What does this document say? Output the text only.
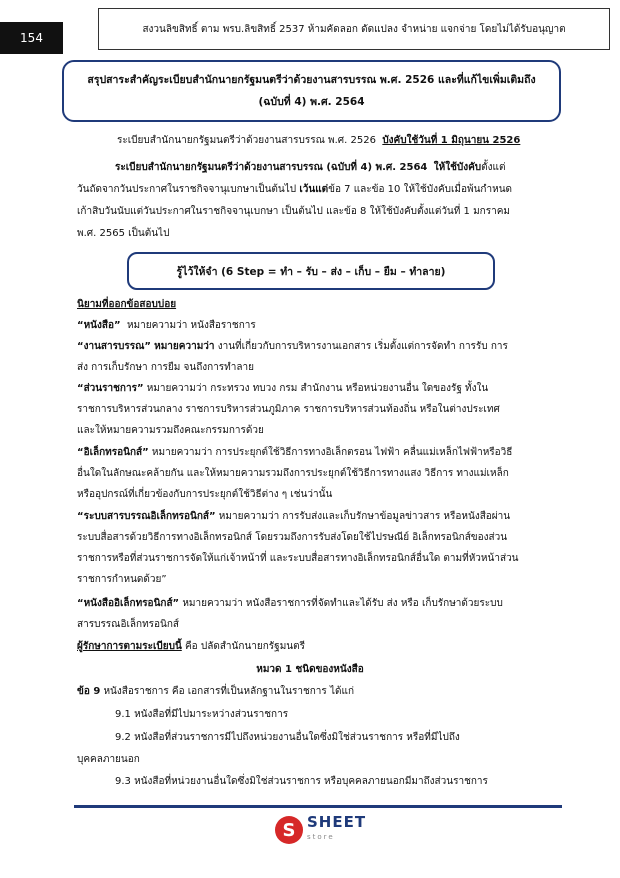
154
สงวนลิขสิทธิ์ ตาม พรบ.ลิขสิทธิ์ 2537 ห้ามคัดลอก ดัดแปลง จำหน่าย แจกจ่าย โดยไม่ได้รับอนุญาต
สรุปสาระสำคัญระเบียบสำนักนายกรัฐมนตรีว่าด้วยงานสารบรรณ พ.ศ. 2526 และที่แก้ไขเพิ่มเติมถึง
(ฉบับที่ 4) พ.ศ. 2564
ระเบียบสำนักนายกรัฐมนตรีว่าด้วยงานสารบรรณ พ.ศ. 2526 บังคับใช้วันที่ 1 มิถุนายน 2526
ระเบียบสำนักนายกรัฐมนตรีว่าด้วยงานสารบรรณ (ฉบับที่ 4) พ.ศ. 2564 ให้ใช้บังคับตั้งแต่
วันถัดจากวันประกาศในราชกิจจานุเบกษาเป็นต้นไป เว้นแต่ข้อ 7 และข้อ 10 ให้ใช้บังคับเมื่อพ้นกำหนด
เก้าสิบวันนับแต่วันประกาศในราชกิจจานุเบกษา เป็นต้นไป และข้อ 8 ให้ใช้บังคับตั้งแต่วันที่ 1 มกราคม
พ.ศ. 2565 เป็นต้นไป
รู้ไว้ให้จำ (6 Step = ทำ – รับ – ส่ง – เก็บ – ยืม – ทำลาย)
นิยามที่ออกข้อสอบบ่อย
“หนังสือ” หมายความว่า หนังสือราชการ
“งานสารบรรณ” หมายความว่า งานที่เกี่ยวกับการบริหารงานเอกสาร เริ่มตั้งแต่การจัดทำ การรับ การ
ส่ง การเก็บรักษา การยืม จนถึงการทำลาย
“ส่วนราชการ” หมายความว่า กระทรวง ทบวง กรม สำนักงาน หรือหน่วยงานอื่น ใดของรัฐ ทั้งใน
ราชการบริหารส่วนกลาง ราชการบริหารส่วนภูมิภาค ราชการบริหารส่วนท้องถิ่น หรือในต่างประเทศ
และให้หมายความรวมถึงคณะกรรมการด้วย
“อิเล็กทรอนิกส์” หมายความว่า การประยุกต์ใช้วิธีการทางอิเล็กตรอน ไฟฟ้า คลื่นแม่เหล็กไฟฟ้าหรือวิธี
อื่นใดในลักษณะคล้ายกัน และให้หมายความรวมถึงการประยุกต์ใช้วิธีการทางแสง วิธีการ ทางแม่เหล็ก
หรืออุปกรณ์ที่เกี่ยวข้องกับการประยุกต์ใช้วิธีต่าง ๆ เช่นว่านั้น
“ระบบสารบรรณอิเล็กทรอนิกส์” หมายความว่า การรับส่งและเก็บรักษาข้อมูลข่าวสาร หรือหนังสือผ่าน
ระบบสื่อสารด้วยวิธีการทางอิเล็กทรอนิกส์ โดยรวมถึงการรับส่งโดยใช้ไปรษณีย์ อิเล็กทรอนิกส์ของส่วน
ราชการหรือที่ส่วนราชการจัดให้แก่เจ้าหน้าที่ และระบบสื่อสารทางอิเล็กทรอนิกส์อื่นใด ตามที่หัวหน้าส่วน
ราชการกำหนดด้วย”
“หนังสืออิเล็กทรอนิกส์” หมายความว่า หนังสือราชการที่จัดทำและได้รับ ส่ง หรือ เก็บรักษาด้วยระบบ
สารบรรณอิเล็กทรอนิกส์
ผู้รักษาการตามระเบียบนี้ คือ ปลัดสำนักนายกรัฐมนตรี
หมวด 1 ชนิดของหนังสือ
ข้อ 9 หนังสือราชการ คือ เอกสารที่เป็นหลักฐานในราชการ ได้แก่
9.1 หนังสือที่มีไปมาระหว่างส่วนราชการ
9.2 หนังสือที่ส่วนราชการมีไปถึงหน่วยงานอื่นใดซึ่งมิใช่ส่วนราชการ หรือที่มีไปถึง
บุคคลภายนอก
9.3 หนังสือที่หน่วยงานอื่นใดซึ่งมิใช่ส่วนราชการ หรือบุคคลภายนอกมีมาถึงส่วนราชการ
S SHEET
store
